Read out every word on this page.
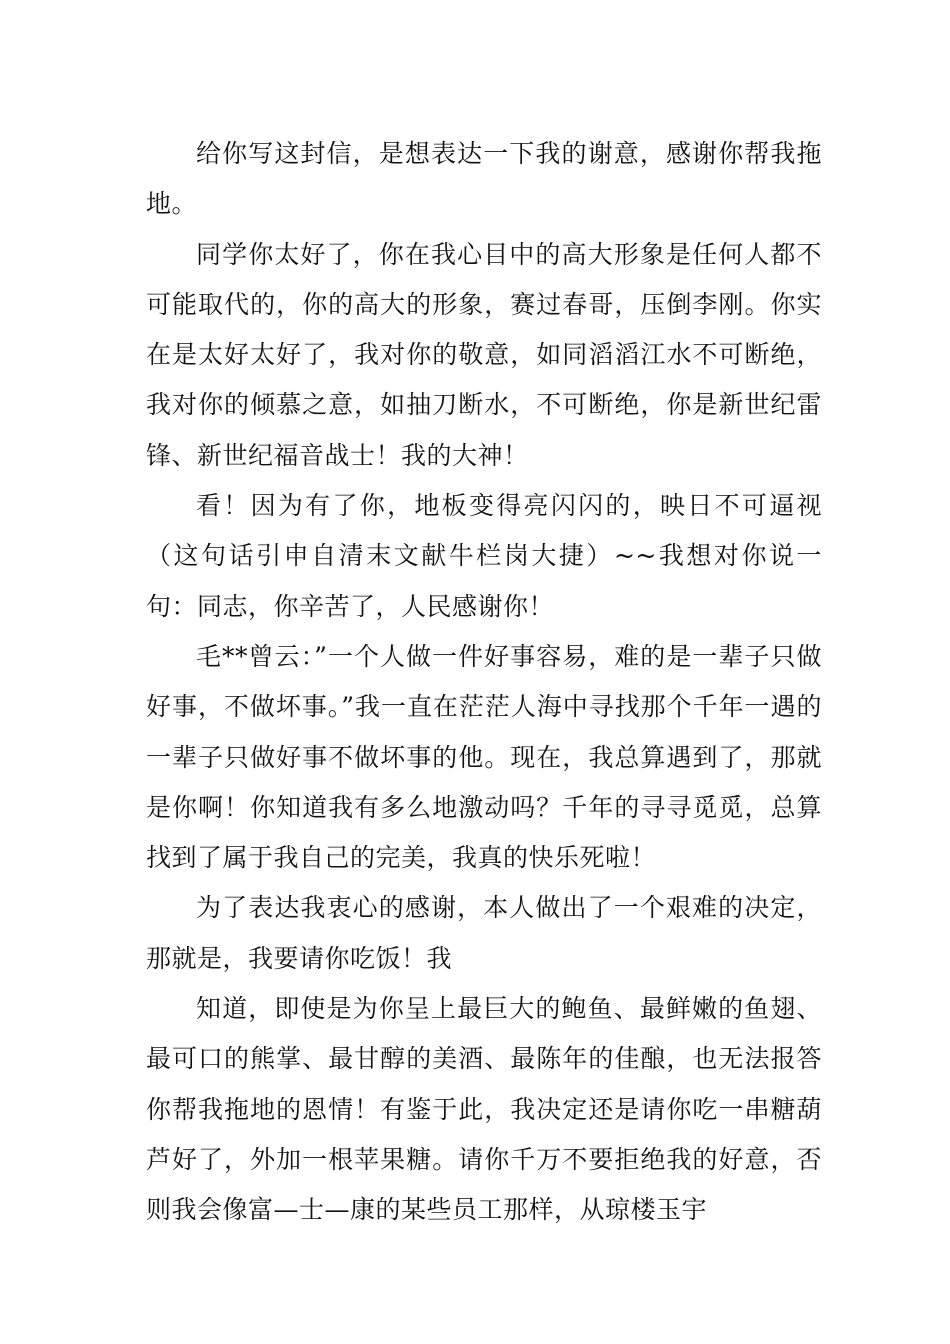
给你写这封信，是想表达一下我的谢意，感谢你帮我拖地。

同学你太好了，你在我心目中的高大形象是任何人都不可能取代的，你的高大的形象，赛过春哥，压倒李刚。你实在是太好太好了，我对你的敬意，如同滔滔江水不可断绝，我对你的倾慕之意，如抽刀断水，不可断绝，你是新世纪雷锋、新世纪福音战士！我的大神！

看！因为有了你，地板变得亮闪闪的，映日不可逼视（这句话引申自清末文献牛栏岗大捷）~~我想对你说一句：同志，你辛苦了，人民感谢你！

毛**曾云：”一个人做一件好事容易，难的是一辈子只做好事，不做坏事。”我一直在茫茫人海中寻找那个千年一遇的一辈子只做好事不做坏事的他。现在，我总算遇到了，那就是你啊！你知道我有多么地激动吗？千年的寻寻觅觅，总算找到了属于我自己的完美，我真的快乐死啦！

为了表达我衷心的感谢，本人做出了一个艰难的决定，那就是，我要请你吃饭！我

知道，即使是为你呈上最巨大的鲍鱼、最鲜嫩的鱼翅、最可口的熊掌、最甘醇的美酒、最陈年的佳酿，也无法报答你帮我拖地的恩情！有鉴于此，我决定还是请你吃一串糖葫芦好了，外加一根苹果糖。请你千万不要拒绝我的好意，否则我会像富—士—康的某些员工那样，从琼楼玉宇
